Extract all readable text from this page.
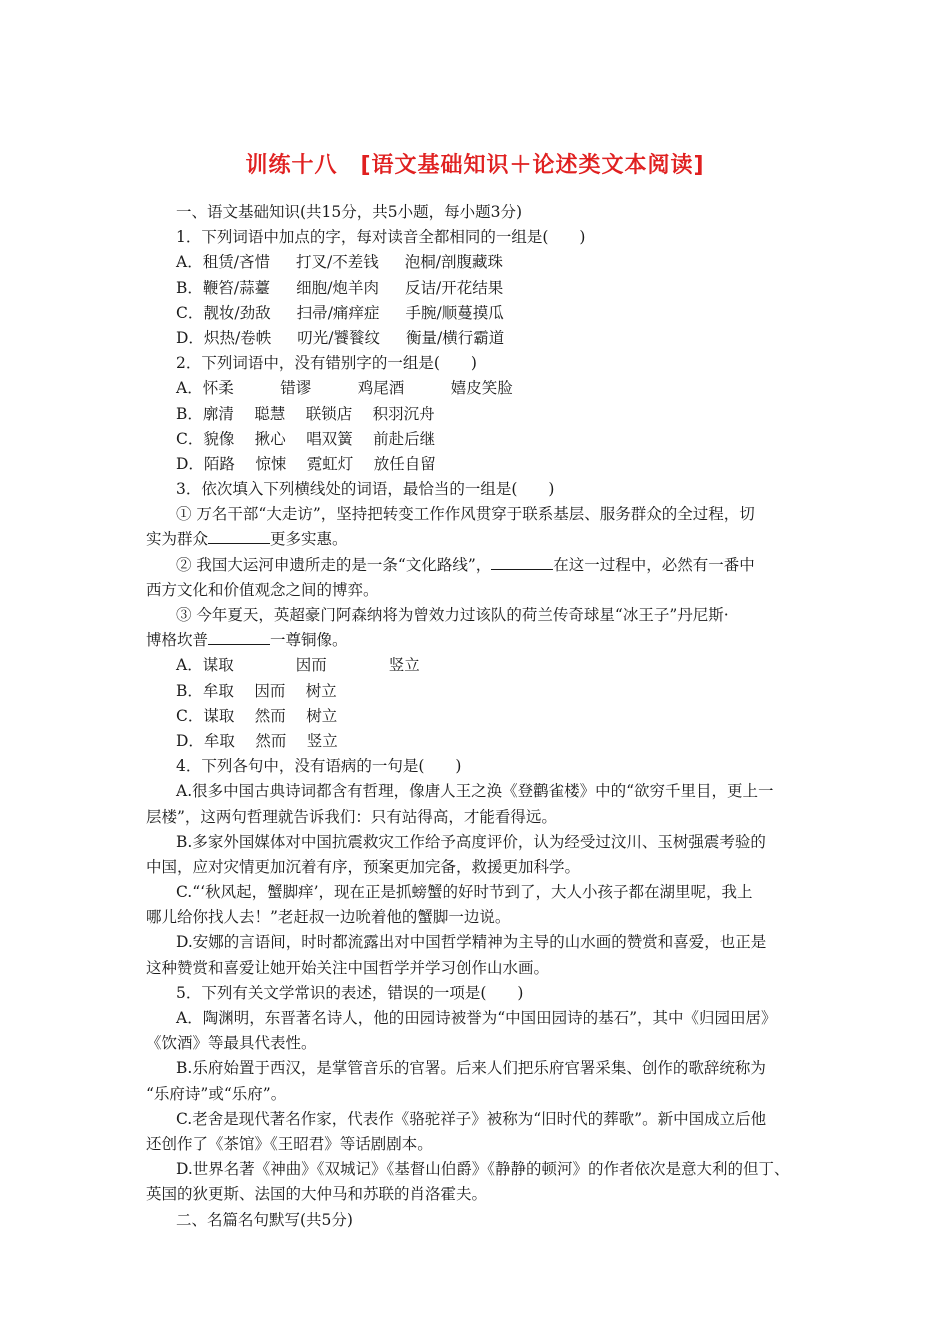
训练十八　[语文基础知识＋论述类文本阅读]
一、语文基础知识(共15分，共5小题，每小题3分)
1．下列词语中加点的字，每对读音全都相同的一组是(　　)
A．租赁/吝惜 打叉/不差钱 泡桐/剖腹藏珠
B．鞭笞/蒜薹 细胞/炮羊肉 反诘/开花结果
C．靓妆/劲敌 扫帚/痛痒症 手腕/顺蔓摸瓜
D．炽热/卷帙 叨光/饕餮纹 衡量/横行霸道
2．下列词语中，没有错别字的一组是(　　)
A．怀柔　　　错谬　　　鸡尾酒　　　嬉皮笑脸
B．廓清　 聪慧　 联锁店　 积羽沉舟
C．貌像　 揪心　 唱双簧　 前赴后继
D．陌路　 惊悚　 霓虹灯　 放任自留
3．依次填入下列横线处的词语，最恰当的一组是(　　)
① 万名干部“大走访”，坚持把转变工作作风贯穿于联系基层、服务群众的全过程，切
实为群众	更多实惠。
② 我国大运河申遗所走的是一条“文化路线”，	在这一过程中，必然有一番中
西方文化和价值观念之间的博弈。
③ 今年夏天，英超豪门阿森纳将为曾效力过该队的荷兰传奇球星“冰王子”丹尼斯·
博格坎普	一尊铜像。
A．谋取　　　　因而　　　　竖立
B．牟取　 因而　 树立
C．谋取　 然而　 树立
D．牟取　 然而　 竖立
4．下列各句中，没有语病的一句是(　　)
A.很多中国古典诗词都含有哲理，像唐人王之涣《登鹳雀楼》中的“欲穷千里目，更上一
层楼”，这两句哲理就告诉我们：只有站得高，才能看得远。
B.多家外国媒体对中国抗震救灾工作给予高度评价，认为经受过汶川、玉树强震考验的
中国，应对灾情更加沉着有序，预案更加完备，救援更加科学。
C.“‘秋风起，蟹脚痒’，现在正是抓螃蟹的好时节到了，大人小孩子都在湖里呢，我上
哪儿给你找人去！”老赶叔一边吮着他的蟹脚一边说。
D.安娜的言语间，时时都流露出对中国哲学精神为主导的山水画的赞赏和喜爱，也正是
这种赞赏和喜爱让她开始关注中国哲学并学习创作山水画。
5．下列有关文学常识的表述，错误的一项是(　　)
A．陶渊明，东晋著名诗人，他的田园诗被誉为“中国田园诗的基石”，其中《归园田居》
《饮酒》等最具代表性。
B.乐府始置于西汉，是掌管音乐的官署。后来人们把乐府官署采集、创作的歌辞统称为
“乐府诗”或“乐府”。
C.老舍是现代著名作家，代表作《骆驼祥子》被称为“旧时代的葬歌”。新中国成立后他
还创作了《茶馆》《王昭君》等话剧剧本。
D.世界名著《神曲》《双城记》《基督山伯爵》《静静的顿河》的作者依次是意大利的但丁、
英国的狄更斯、法国的大仲马和苏联的肖洛霍夫。
二、名篇名句默写(共5分)
